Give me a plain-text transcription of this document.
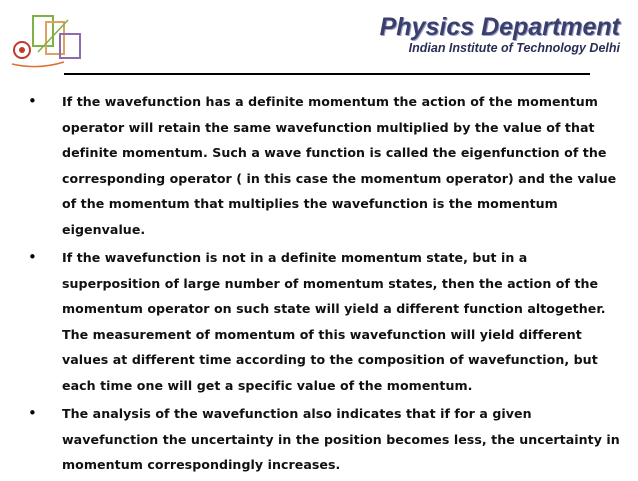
Physics Department
Indian Institute of Technology Delhi
•	If the wavefunction has a definite momentum the action of the momentum operator will retain the same wavefunction multiplied by the value of that definite momentum. Such a wave function is called the eigenfunction of the corresponding operator ( in this case the momentum operator) and the value of the momentum that multiplies the wavefunction is the momentum eigenvalue.
•	If the wavefunction is not in a definite momentum state, but in a superposition of large number of momentum states, then the action of the momentum operator on such state will yield a different function altogether. The measurement of momentum of this wavefunction will yield different values at different time according to the composition of wavefunction, but each time one will get a specific value of the momentum.
•	The analysis of the wavefunction also indicates that if for a given wavefunction the uncertainty in the position becomes less, the uncertainty in momentum correspondingly increases.
